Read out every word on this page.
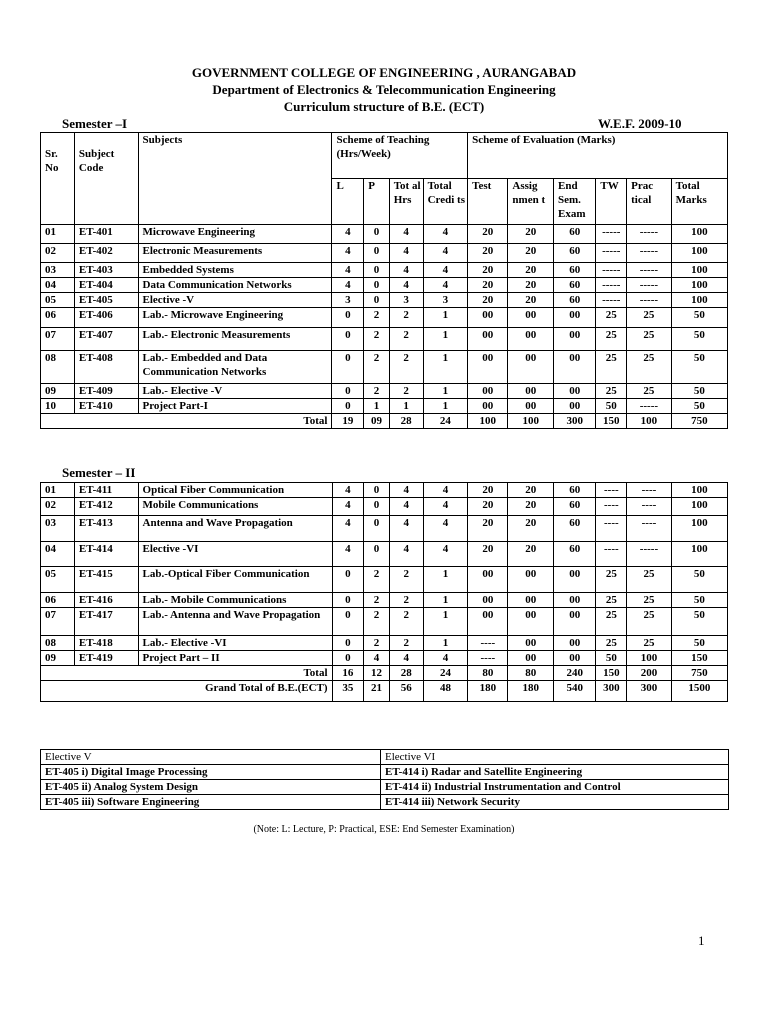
GOVERNMENT COLLEGE OF ENGINEERING , AURANGABAD
Department of Electronics & Telecommunication Engineering
Curriculum structure of B.E. (ECT)
Semester –I	W.E.F. 2009-10
Sr. No	Subject Code	Subjects	Scheme of Teaching (Hrs/Week)				Scheme of Evaluation (Marks)					
			L	P	Tot al Hrs	Total Credi ts	Test	Assig nmen t	End Sem. Exam	TW	Prac tical	Total Marks
01	ET-401	Microwave Engineering	4	0	4	4	20	20	60	-----	-----	100
02	ET-402	Electronic Measurements	4	0	4	4	20	20	60	-----	-----	100
03	ET-403	Embedded Systems	4	0	4	4	20	20	60	-----	-----	100
04	ET-404	Data Communication Networks	4	0	4	4	20	20	60	-----	-----	100
05	ET-405	Elective -V	3	0	3	3	20	20	60	-----	-----	100
06	ET-406	Lab.- Microwave Engineering	0	2	2	1	00	00	00	25	25	50
07	ET-407	Lab.- Electronic Measurements	0	2	2	1	00	00	00	25	25	50
08	ET-408	Lab.- Embedded and Data Communication Networks	0	2	2	1	00	00	00	25	25	50
09	ET-409	Lab.- Elective -V	0	2	2	1	00	00	00	25	25	50
10	ET-410	Project Part-I	0	1	1	1	00	00	00	50	-----	50
Total			19	09	28	24	100	100	300	150	100	750
Semester – II
01	ET-411	Optical Fiber Communication	4	0	4	4	20	20	60	----	----	100
02	ET-412	Mobile Communications	4	0	4	4	20	20	60	----	----	100
03	ET-413	Antenna and Wave Propagation	4	0	4	4	20	20	60	----	----	100
04	ET-414	Elective -VI	4	0	4	4	20	20	60	----	-----	100
05	ET-415	Lab.-Optical Fiber Communication	0	2	2	1	00	00	00	25	25	50
06	ET-416	Lab.- Mobile Communications	0	2	2	1	00	00	00	25	25	50
07	ET-417	Lab.- Antenna and Wave Propagation	0	2	2	1	00	00	00	25	25	50
08	ET-418	Lab.- Elective -VI	0	2	2	1	----	00	00	25	25	50
09	ET-419	Project Part – II	0	4	4	4	----	00	00	50	100	150
Total			16	12	28	24	80	80	240	150	200	750
Grand Total of B.E.(ECT)			35	21	56	48	180	180	540	300	300	1500
Elective V	Elective VI
ET-405 i) Digital Image Processing	ET-414 i) Radar and Satellite Engineering
ET-405 ii) Analog System Design	ET-414 ii) Industrial Instrumentation and Control
ET-405 iii) Software Engineering	ET-414 iii) Network Security
(Note: L: Lecture, P: Practical, ESE: End Semester Examination)
1
